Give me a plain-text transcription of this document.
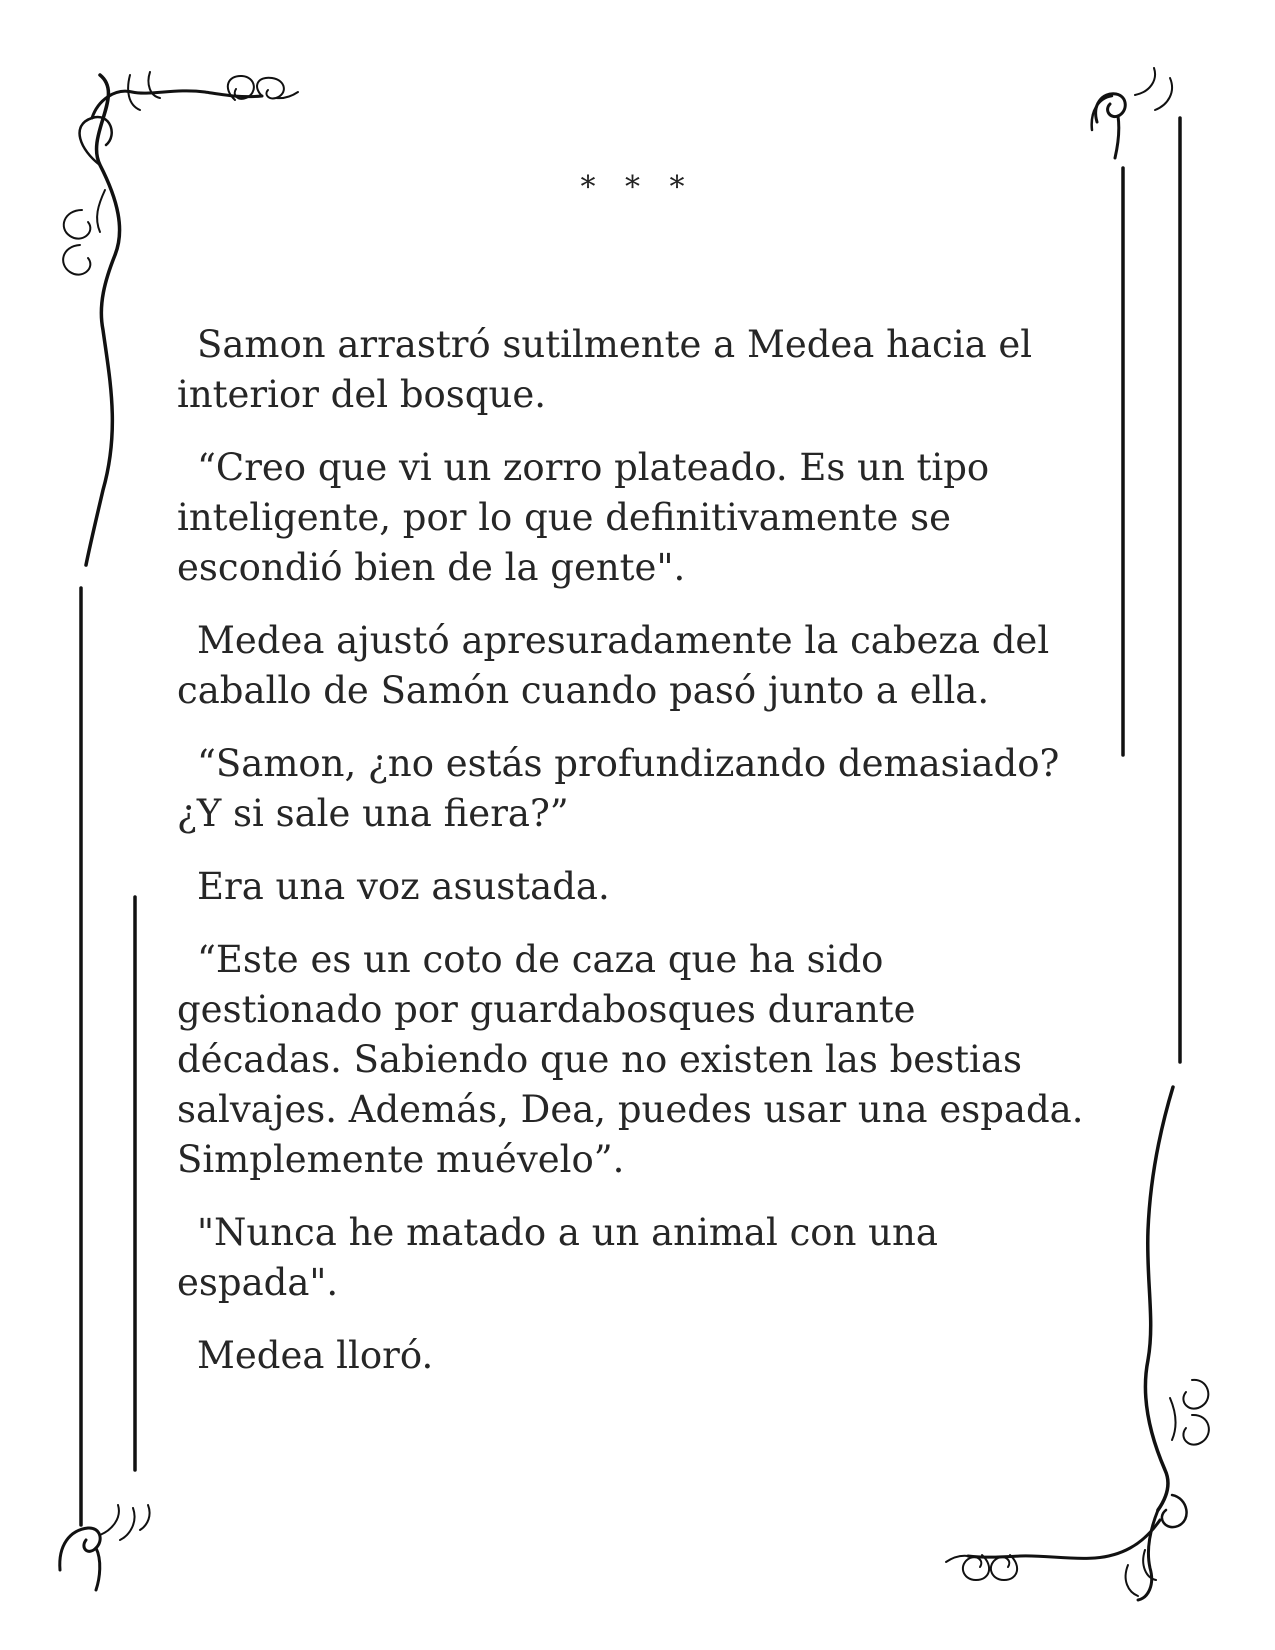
* * *

Samon arrastró sutilmente a Medea hacia el interior del bosque.

“Creo que vi un zorro plateado. Es un tipo inteligente, por lo que definitivamente se escondió bien de la gente".

Medea ajustó apresuradamente la cabeza del caballo de Samón cuando pasó junto a ella.

“Samon, ¿no estás profundizando demasiado? ¿Y si sale una fiera?”

Era una voz asustada.

“Este es un coto de caza que ha sido gestionado por guardabosques durante décadas. Sabiendo que no existen las bestias salvajes. Además, Dea, puedes usar una espada. Simplemente muévelo”.

"Nunca he matado a un animal con una espada".

Medea lloró.
